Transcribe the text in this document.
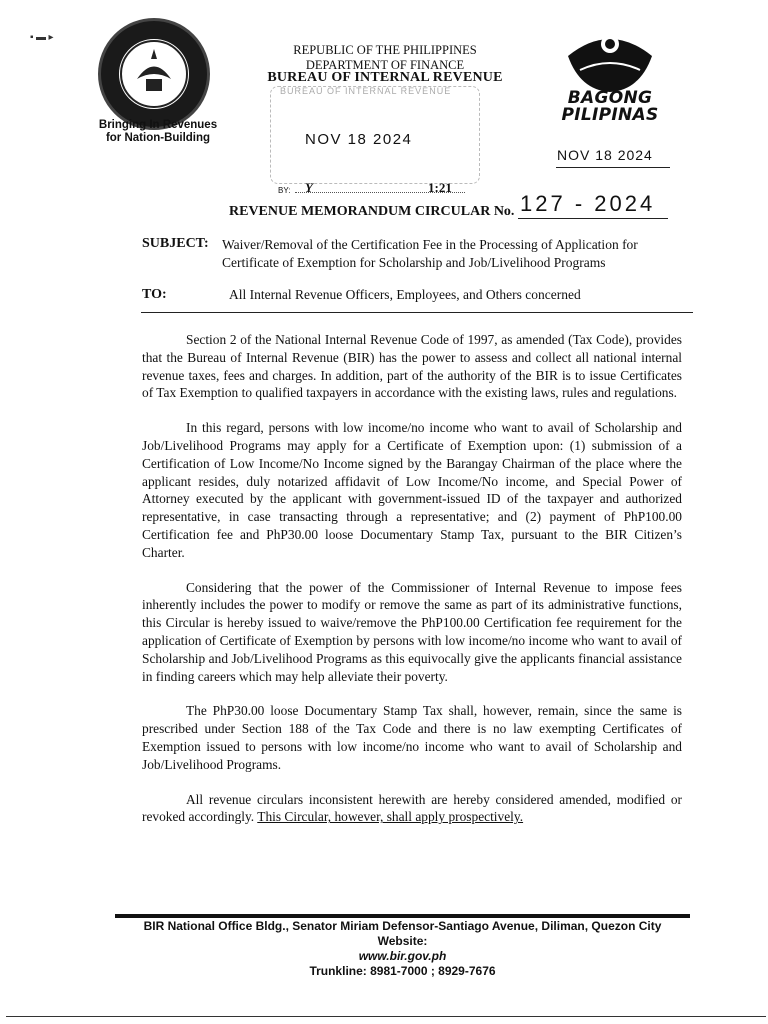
▪ ▬ ▸
Bringing In Revenues
for Nation-Building
REPUBLIC OF THE PHILIPPINES
DEPARTMENT OF FINANCE
BUREAU OF INTERNAL REVENUE
BUREAU OF INTERNAL REVENUE
NOV 18 2024
BY: Y	1:21
BAGONG
PILIPINAS
NOV 18 2024
REVENUE MEMORANDUM CIRCULAR No. 127 - 2024
SUBJECT: Waiver/Removal of the Certification Fee in the Processing of Application for Certificate of Exemption for Scholarship and Job/Livelihood Programs
TO:	All Internal Revenue Officers, Employees, and Others concerned

Section 2 of the National Internal Revenue Code of 1997, as amended (Tax Code), provides that the Bureau of Internal Revenue (BIR) has the power to assess and collect all national internal revenue taxes, fees and charges. In addition, part of the authority of the BIR is to issue Certificates of Tax Exemption to qualified taxpayers in accordance with the existing laws, rules and regulations.

In this regard, persons with low income/no income who want to avail of Scholarship and Job/Livelihood Programs may apply for a Certificate of Exemption upon: (1) submission of a Certification of Low Income/No Income signed by the Barangay Chairman of the place where the applicant resides, duly notarized affidavit of Low Income/No income, and Special Power of Attorney executed by the applicant with government-issued ID of the taxpayer and authorized representative, in case transacting through a representative; and (2) payment of PhP100.00 Certification fee and PhP30.00 loose Documentary Stamp Tax, pursuant to the BIR Citizen’s Charter.

Considering that the power of the Commissioner of Internal Revenue to impose fees inherently includes the power to modify or remove the same as part of its administrative functions, this Circular is hereby issued to waive/remove the PhP100.00 Certification fee requirement for the application of Certificate of Exemption by persons with low income/no income who want to avail of Scholarship and Job/Livelihood Programs as this equivocally give the applicants financial assistance in finding careers which may help alleviate their poverty.

The PhP30.00 loose Documentary Stamp Tax shall, however, remain, since the same is prescribed under Section 188 of the Tax Code and there is no law exempting Certificates of Exemption issued to persons with low income/no income who want to avail of Scholarship and Job/Livelihood Programs.

All revenue circulars inconsistent herewith are hereby considered amended, modified or revoked accordingly. This Circular, however, shall apply prospectively.

BIR National Office Bldg., Senator Miriam Defensor-Santiago Avenue, Diliman, Quezon City
Website:
www.bir.gov.ph
Trunkline: 8981-7000 ; 8929-7676
